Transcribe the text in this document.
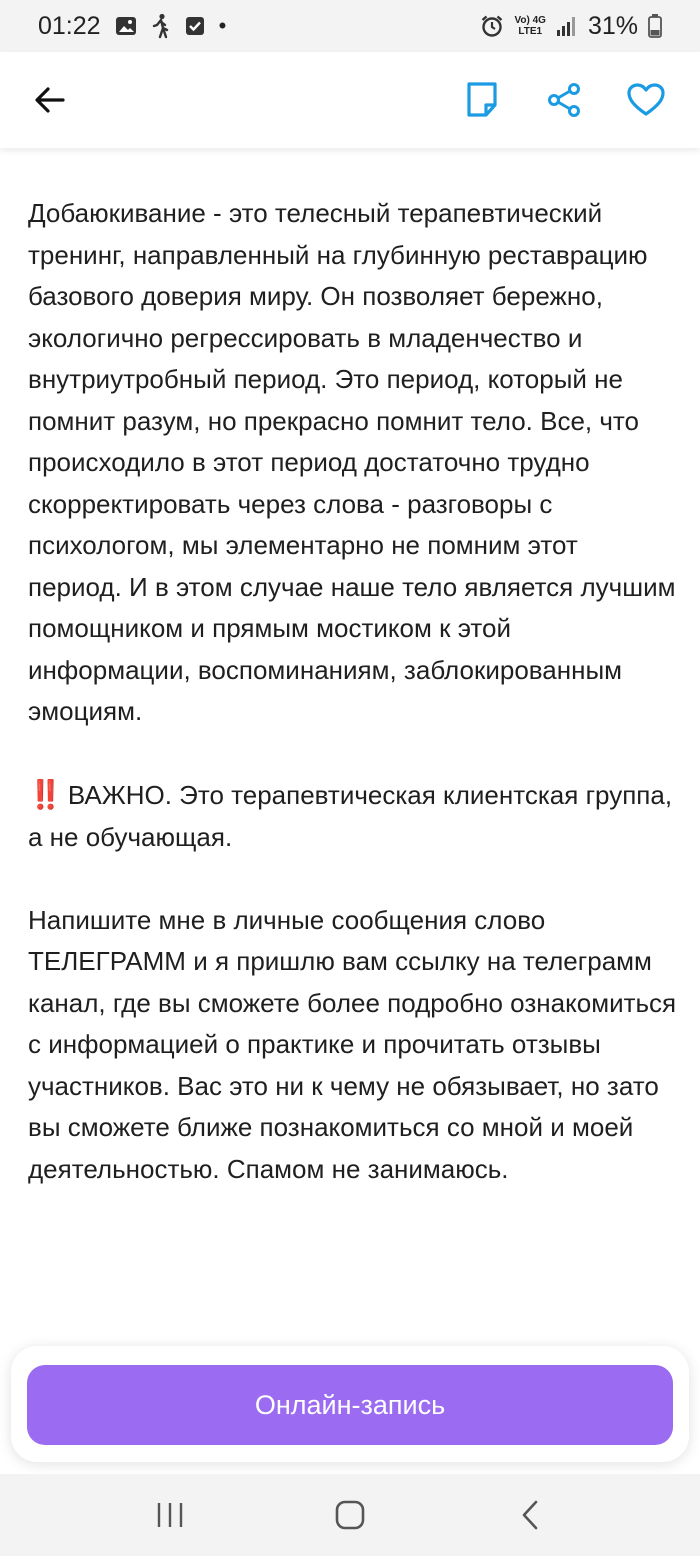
01:22	•	Vo) 4G
LTE1 31%

Добаюкивание - это телесный терапевтический тренинг, направленный на глубинную реставрацию базового доверия миру. Он позволяет бережно, экологично регрессировать в младенчество и внутриутробный период. Это период, который не помнит разум, но прекрасно помнит тело. Все, что происходило в этот период достаточно трудно скорректировать через слова - разговоры с психологом, мы элементарно не помним этот период. И в этом случае наше тело является лучшим помощником и прямым мостиком к этой информации, воспоминаниям, заблокированным эмоциям.

‼️ ВАЖНО. Это терапевтическая клиентская группа, а не обучающая.

Напишите мне в личные сообщения слово ТЕЛЕГРАММ и я пришлю вам ссылку на телеграмм канал, где вы сможете более подробно ознакомиться с информацией о практике и прочитать отзывы участников. Вас это ни к чему не обязывает, но зато вы сможете ближе познакомиться со мной и моей деятельностью. Спамом не занимаюсь.

Онлайн-запись
